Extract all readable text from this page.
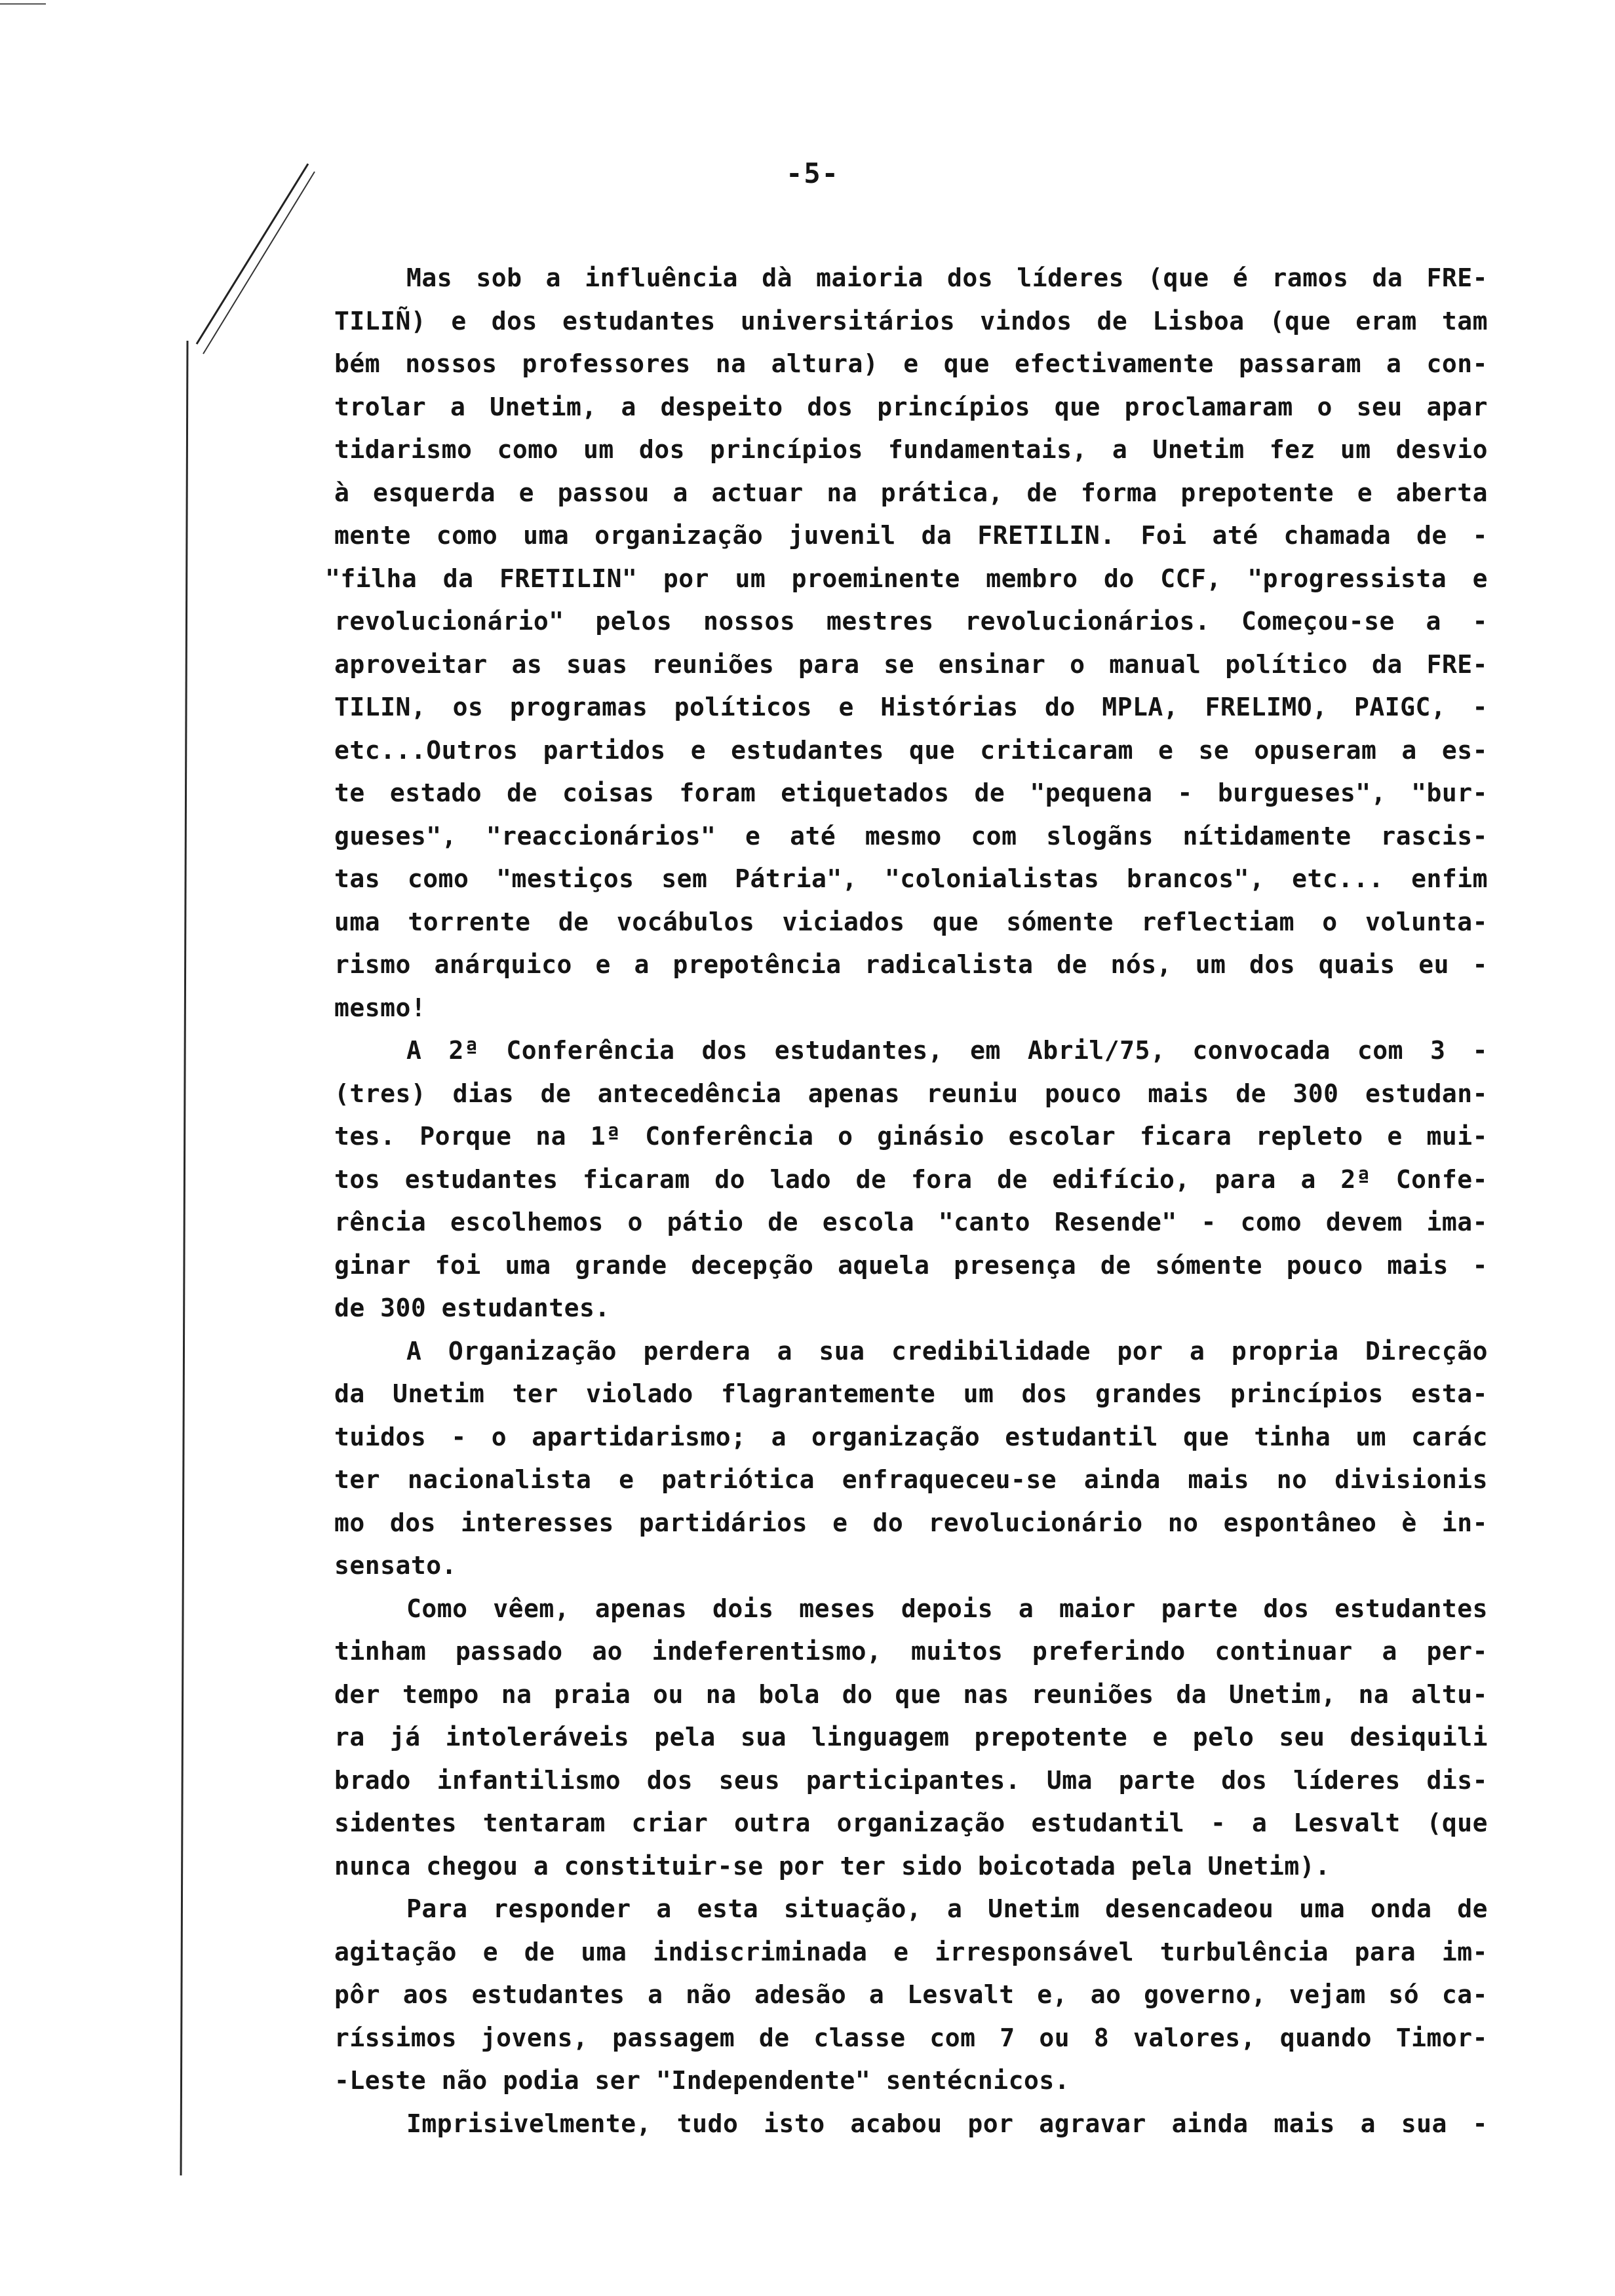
-5-
Mas sob a influência dà maioria dos líderes (que é ramos da FRE-
TILIÑ) e dos estudantes universitários vindos de Lisboa (que eram tam
bém nossos professores na altura) e que efectivamente passaram a con-
trolar a Unetim, a despeito dos princípios que proclamaram o seu apar
tidarismo como um dos princípios fundamentais, a Unetim fez um desvio
à esquerda e passou a actuar na prática, de forma prepotente e aberta
mente como uma organização juvenil da FRETILIN. Foi até chamada de -
"filha da FRETILIN" por um proeminente membro do CCF, "progressista e
revolucionário" pelos nossos mestres revolucionários. Começou-se a -
aproveitar as suas reuniões para se ensinar o manual político da FRE-
TILIN, os programas políticos e Histórias do MPLA, FRELIMO, PAIGC, -
etc...Outros partidos e estudantes que criticaram e se opuseram a es-
te estado de coisas foram etiquetados de "pequena - burgueses", "bur-
gueses", "reaccionários" e até mesmo com slogãns nítidamente rascis-
tas como "mestiços sem Pátria", "colonialistas brancos", etc... enfim
uma torrente de vocábulos viciados que sómente reflectiam o volunta-
rismo anárquico e a prepotência radicalista de nós, um dos quais eu -
mesmo!
A 2ª Conferência dos estudantes, em Abril/75, convocada com 3 -
(tres) dias de antecedência apenas reuniu pouco mais de 300 estudan-
tes. Porque na 1ª Conferência o ginásio escolar ficara repleto e mui-
tos estudantes ficaram do lado de fora de edifício, para a 2ª Confe-
rência escolhemos o pátio de escola "canto Resende" - como devem ima-
ginar foi uma grande decepção aquela presença de sómente pouco mais -
de 300 estudantes.
A Organização perdera a sua credibilidade por a propria Direcção
da Unetim ter violado flagrantemente um dos grandes princípios esta-
tuidos - o apartidarismo; a organização estudantil que tinha um carác
ter nacionalista e patriótica enfraqueceu-se ainda mais no divisionis
mo dos interesses partidários e do revolucionário no espontâneo è in-
sensato.
Como vêem, apenas dois meses depois a maior parte dos estudantes
tinham passado ao indeferentismo, muitos preferindo continuar a per-
der tempo na praia ou na bola do que nas reuniões da Unetim, na altu-
ra já intoleráveis pela sua linguagem prepotente e pelo seu desiquili
brado infantilismo dos seus participantes. Uma parte dos líderes dis-
sidentes tentaram criar outra organização estudantil - a Lesvalt (que
nunca chegou a constituir-se por ter sido boicotada pela Unetim).
Para responder a esta situação, a Unetim desencadeou uma onda de
agitação e de uma indiscriminada e irresponsável turbulência para im-
pôr aos estudantes a não adesão a Lesvalt e, ao governo, vejam só ca-
ríssimos jovens, passagem de classe com 7 ou 8 valores, quando Timor-
-Leste não podia ser "Independente" sentécnicos.
Imprisivelmente, tudo isto acabou por agravar ainda mais a sua -
